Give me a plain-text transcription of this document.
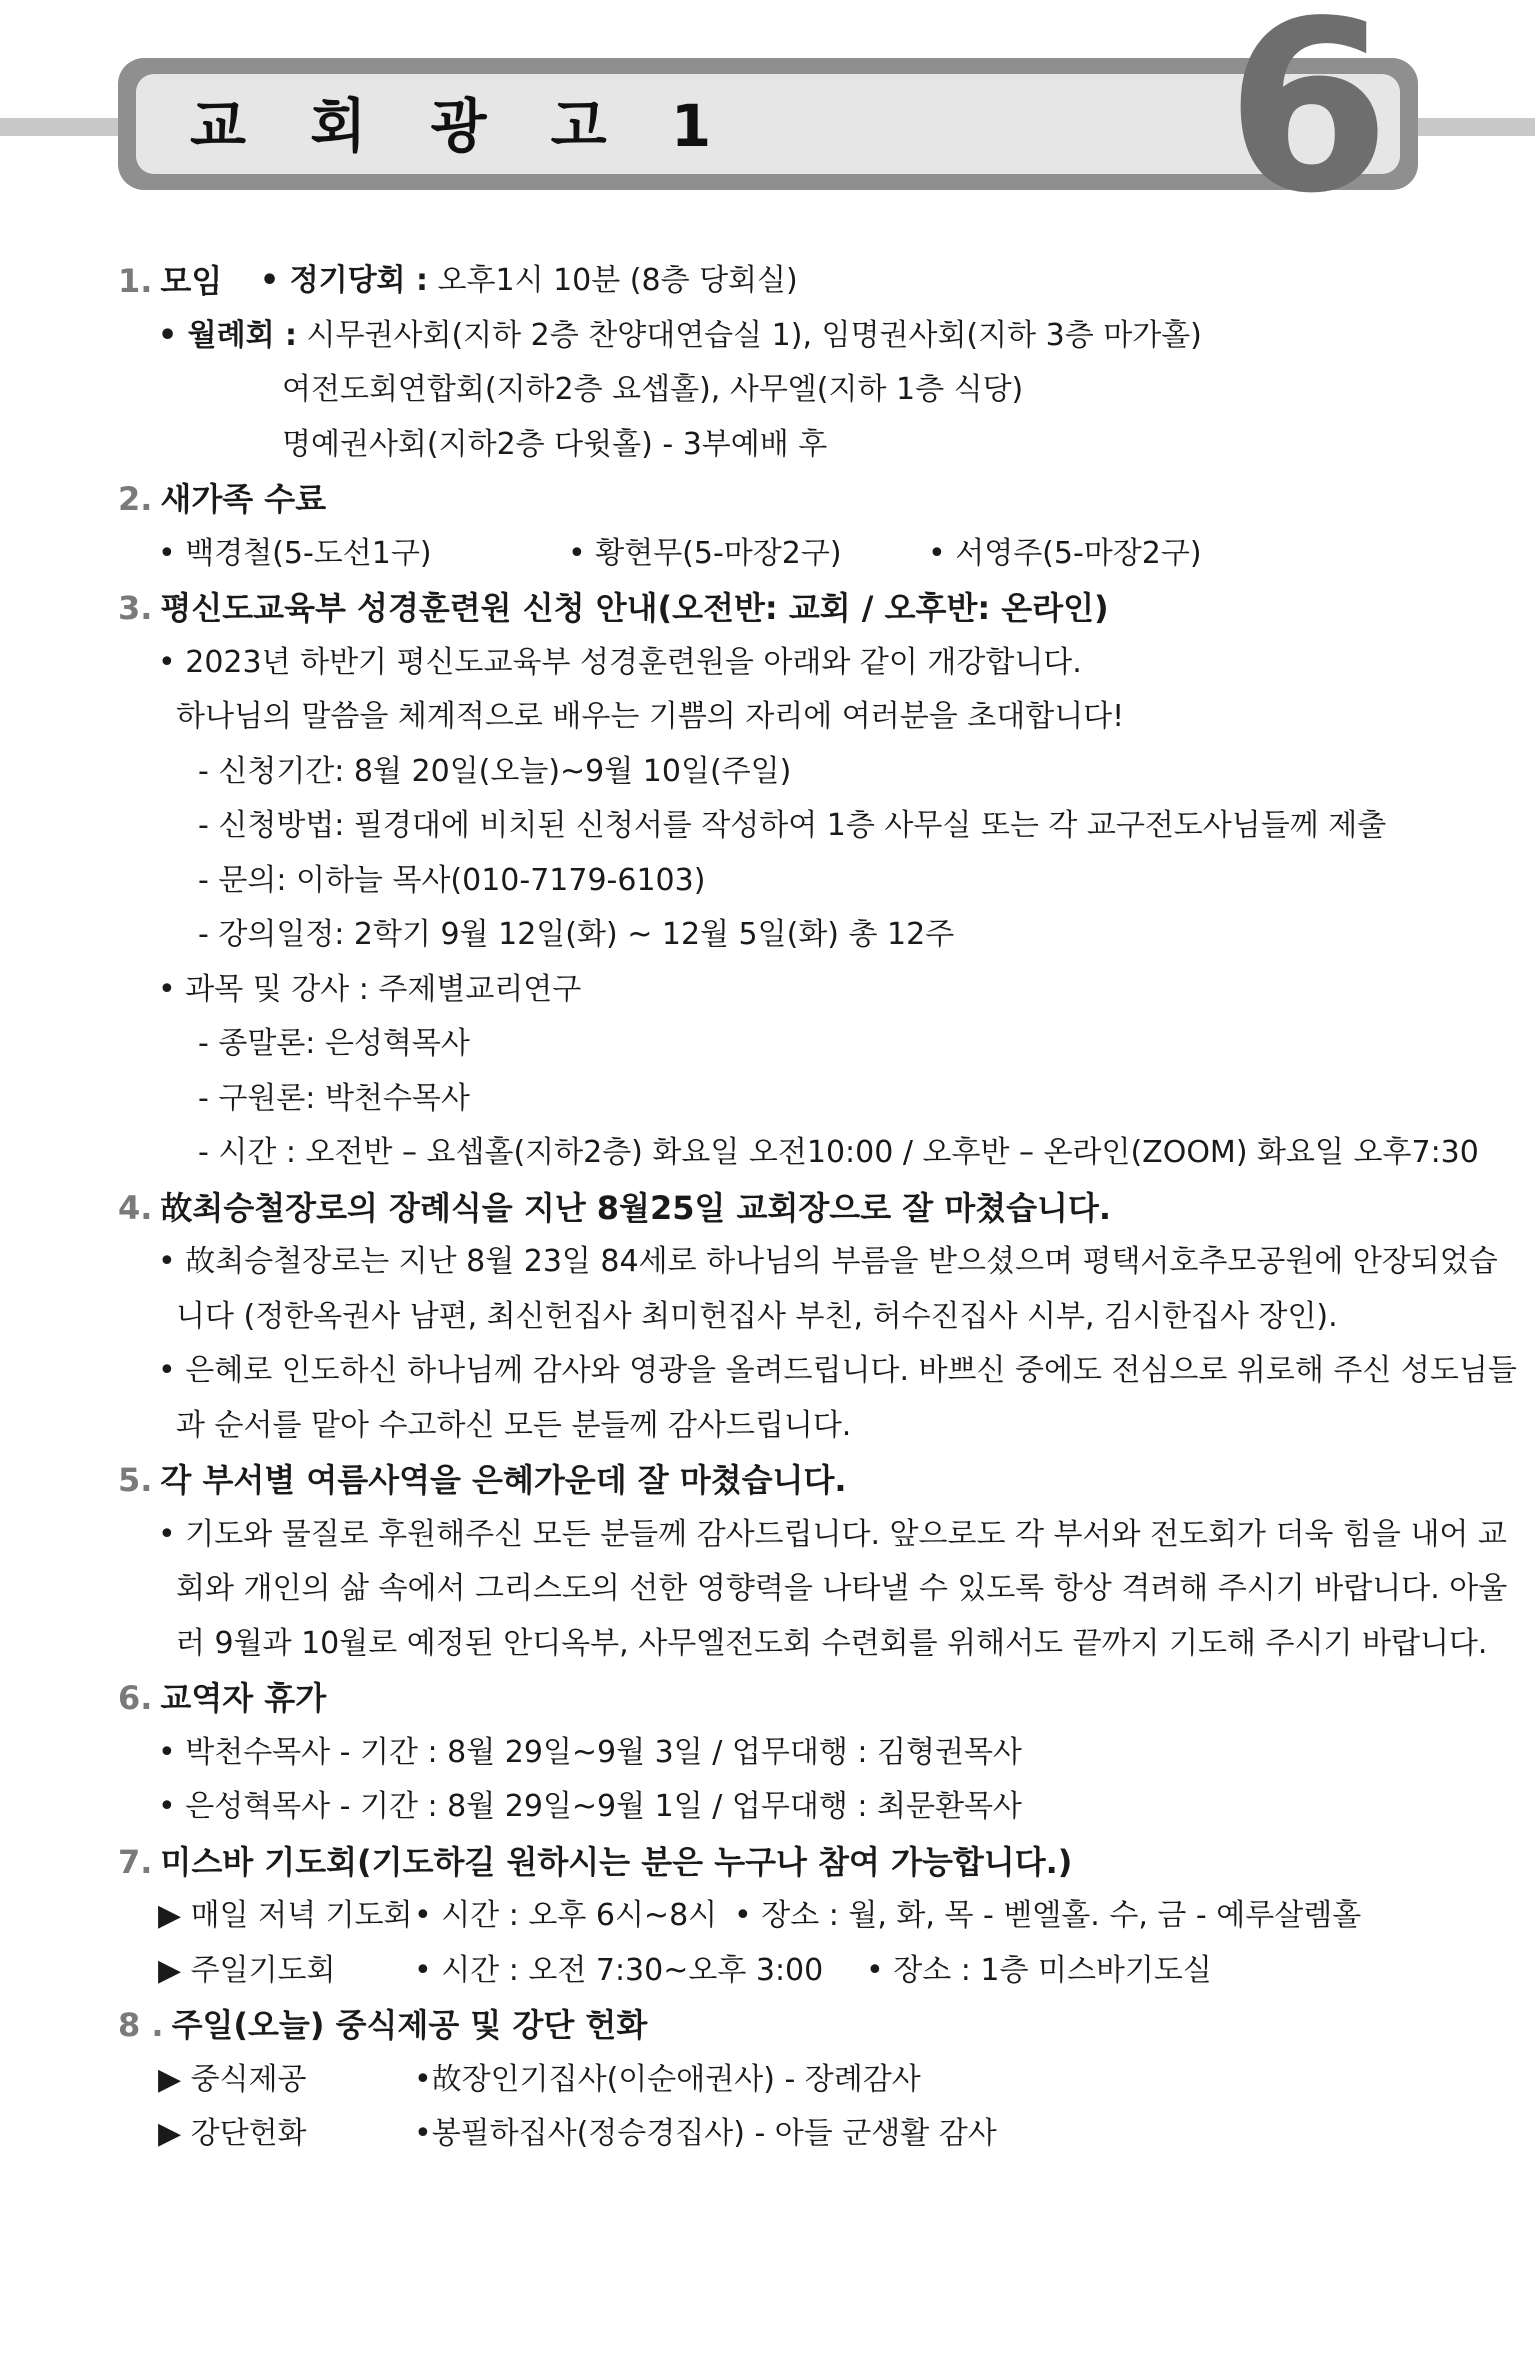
교 회 광 고 1 6
1. 모임 • 정기당회 : 오후1시 10분 (8층 당회실)
• 월례회 : 시무권사회(지하 2층 찬양대연습실 1), 임명권사회(지하 3층 마가홀)
여전도회연합회(지하2층 요셉홀), 사무엘(지하 1층 식당)
명예권사회(지하2층 다윗홀) - 3부예배 후
2. 새가족 수료
• 백경철(5-도선1구)	• 황현무(5-마장2구)	• 서영주(5-마장2구)
3. 평신도교육부 성경훈련원 신청 안내(오전반: 교회 / 오후반: 온라인)
• 2023년 하반기 평신도교육부 성경훈련원을 아래와 같이 개강합니다.
하나님의 말씀을 체계적으로 배우는 기쁨의 자리에 여러분을 초대합니다!
- 신청기간: 8월 20일(오늘)~9월 10일(주일)
- 신청방법: 필경대에 비치된 신청서를 작성하여 1층 사무실 또는 각 교구전도사님들께 제출
- 문의: 이하늘 목사(010-7179-6103)
- 강의일정: 2학기 9월 12일(화) ~ 12월 5일(화) 총 12주
• 과목 및 강사 : 주제별교리연구
- 종말론: 은성혁목사
- 구원론: 박천수목사
- 시간 : 오전반 – 요셉홀(지하2층) 화요일 오전10:00 / 오후반 – 온라인(ZOOM) 화요일 오후7:30
4. 故최승철장로의 장례식을 지난 8월25일 교회장으로 잘 마쳤습니다.
• 故최승철장로는 지난 8월 23일 84세로 하나님의 부름을 받으셨으며 평택서호추모공원에 안장되었습
니다 (정한옥권사 남편, 최신헌집사 최미헌집사 부친, 허수진집사 시부, 김시한집사 장인).
• 은혜로 인도하신 하나님께 감사와 영광을 올려드립니다. 바쁘신 중에도 전심으로 위로해 주신 성도님들
과 순서를 맡아 수고하신 모든 분들께 감사드립니다.
5. 각 부서별 여름사역을 은혜가운데 잘 마쳤습니다.
• 기도와 물질로 후원해주신 모든 분들께 감사드립니다. 앞으로도 각 부서와 전도회가 더욱 힘을 내어 교
회와 개인의 삶 속에서 그리스도의 선한 영향력을 나타낼 수 있도록 항상 격려해 주시기 바랍니다. 아울
러 9월과 10월로 예정된 안디옥부, 사무엘전도회 수련회를 위해서도 끝까지 기도해 주시기 바랍니다.
6. 교역자 휴가
• 박천수목사 - 기간 : 8월 29일~9월 3일 / 업무대행 : 김형권목사
• 은성혁목사 - 기간 : 8월 29일~9월 1일 / 업무대행 : 최문환목사
7. 미스바 기도회(기도하길 원하시는 분은 누구나 참여 가능합니다.)
▶ 매일 저녁 기도회 • 시간 : 오후 6시~8시 • 장소 : 월, 화, 목 - 벧엘홀. 수, 금 - 예루살렘홀
▶ 주일기도회	• 시간 : 오전 7:30~오후 3:00 • 장소 : 1층 미스바기도실
8 . 주일(오늘) 중식제공 및 강단 헌화
▶ 중식제공	•故장인기집사(이순애권사) - 장례감사
▶ 강단헌화	•봉필하집사(정승경집사) - 아들 군생활 감사
